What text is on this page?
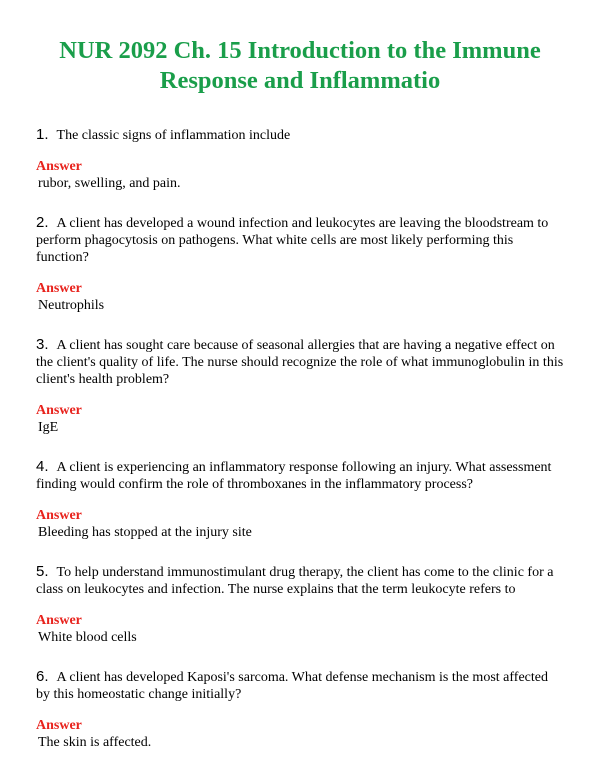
NUR 2092 Ch. 15 Introduction to the Immune Response and Inflammatio

1. The classic signs of inflammation include

Answer

rubor, swelling, and pain.

2. A client has developed a wound infection and leukocytes are leaving the bloodstream to perform phagocytosis on pathogens. What white cells are most likely performing this function?

Answer

Neutrophils

3. A client has sought care because of seasonal allergies that are having a negative effect on the client's quality of life. The nurse should recognize the role of what immunoglobulin in this client's health problem?

Answer

IgE

4. A client is experiencing an inflammatory response following an injury. What assessment finding would confirm the role of thromboxanes in the inflammatory process?

Answer

Bleeding has stopped at the injury site

5. To help understand immunostimulant drug therapy, the client has come to the clinic for a class on leukocytes and infection. The nurse explains that the term leukocyte refers to

Answer

White blood cells

6. A client has developed Kaposi's sarcoma. What defense mechanism is the most affected by this homeostatic change initially?

Answer

The skin is affected.
